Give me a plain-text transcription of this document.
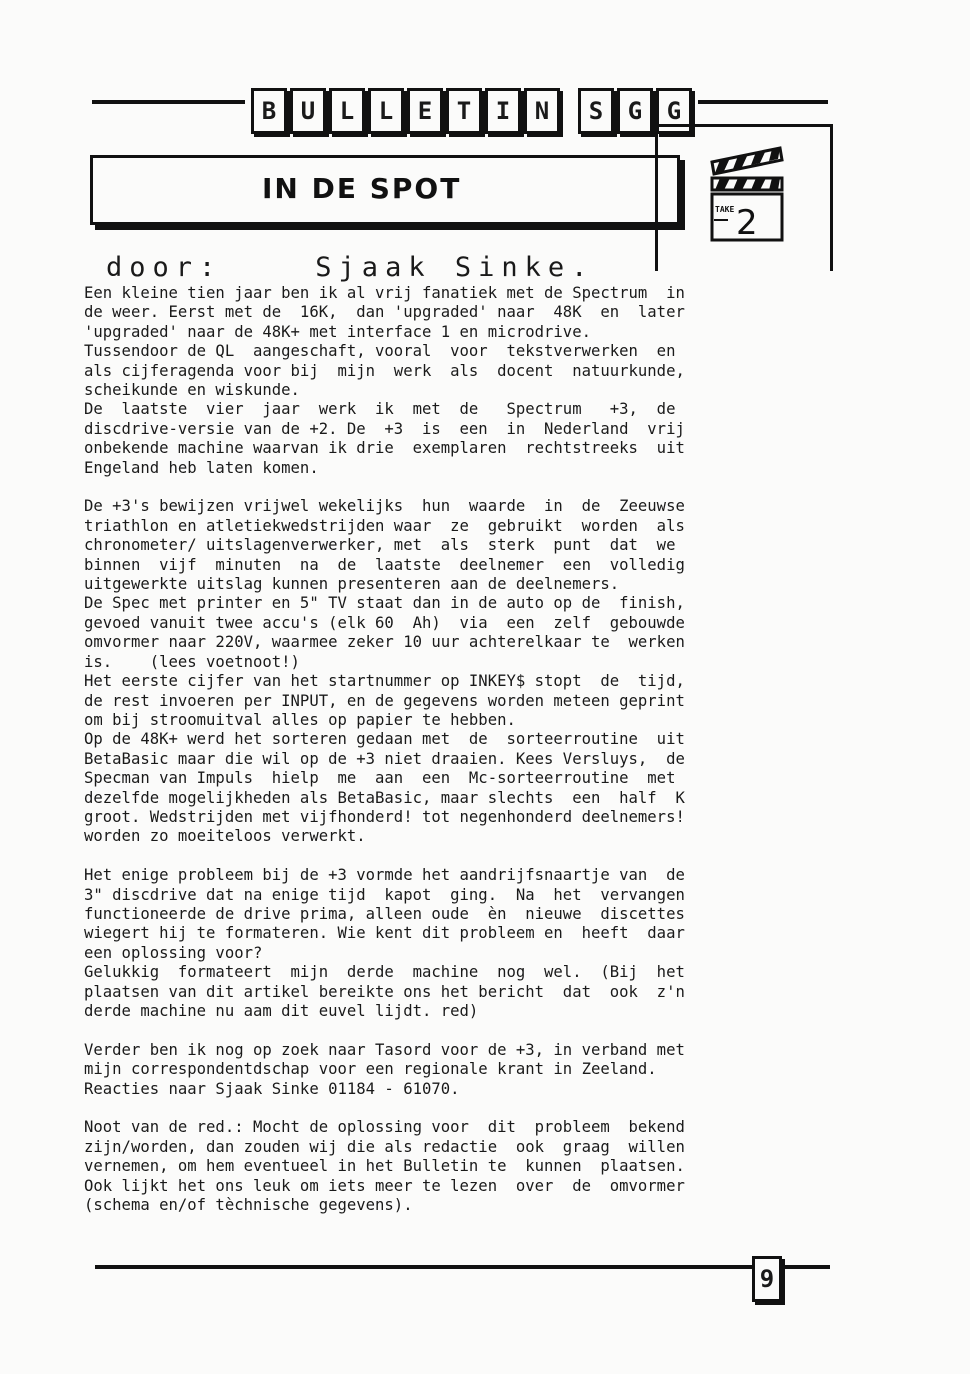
B	U	L	L	E	T	I	N	S	G	G
IN DE SPOT
TAKE 2
door:    Sjaak Sinke.

Een kleine tien jaar ben ik al vrij fanatiek met de Spectrum  in

de weer. Eerst met de  16K,  dan 'upgraded' naar  48K  en  later

'upgraded' naar de 48K+ met interface 1 en microdrive.

Tussendoor de QL  aangeschaft, vooral  voor  tekstverwerken  en

als cijferagenda voor bij  mijn  werk  als  docent  natuurkunde,

scheikunde en wiskunde.

De  laatste  vier  jaar  werk  ik  met  de   Spectrum   +3,  de

discdrive-versie van de +2. De  +3  is  een  in  Nederland  vrij

onbekende machine waarvan ik drie  exemplaren  rechtstreeks  uit

Engeland heb laten komen.

De +3's bewijzen vrijwel wekelijks  hun  waarde  in  de  Zeeuwse

triathlon en atletiekwedstrijden waar  ze  gebruikt  worden  als

chronometer/ uitslagenverwerker, met  als  sterk  punt  dat  we

binnen  vijf  minuten  na  de  laatste  deelnemer  een  volledig

uitgewerkte uitslag kunnen presenteren aan de deelnemers.

De Spec met printer en 5" TV staat dan in de auto op de  finish,

gevoed vanuit twee accu's (elk 60  Ah)  via  een  zelf  gebouwde

omvormer naar 220V, waarmee zeker 10 uur achterelkaar te  werken

is.    (lees voetnoot!)

Het eerste cijfer van het startnummer op INKEY$ stopt  de  tijd,

de rest invoeren per INPUT, en de gegevens worden meteen geprint

om bij stroomuitval alles op papier te hebben.

Op de 48K+ werd het sorteren gedaan met  de  sorteerroutine  uit

BetaBasic maar die wil op de +3 niet draaien. Kees Versluys,  de

Specman van Impuls  hielp  me  aan  een  Mc-sorteerroutine  met

dezelfde mogelijkheden als BetaBasic, maar slechts  een  half  K

groot. Wedstrijden met vijfhonderd! tot negenhonderd deelnemers!

worden zo moeiteloos verwerkt.

Het enige probleem bij de +3 vormde het aandrijfsnaartje van  de

3" discdrive dat na enige tijd  kapot  ging.  Na  het  vervangen

functioneerde de drive prima, alleen oude  èn  nieuwe  discettes

wiegert hij te formateren. Wie kent dit probleem en  heeft  daar

een oplossing voor?

Gelukkig  formateert  mijn  derde  machine  nog  wel.  (Bij  het

plaatsen van dit artikel bereikte ons het bericht  dat  ook  z'n

derde machine nu aam dit euvel lijdt. red)

Verder ben ik nog op zoek naar Tasord voor de +3, in verband met

mijn correspondentdschap voor een regionale krant in Zeeland.

Reacties naar Sjaak Sinke 01184 - 61070.

Noot van de red.: Mocht de oplossing voor  dit  probleem  bekend

zijn/worden, dan zouden wij die als redactie  ook  graag  willen

vernemen, om hem eventueel in het Bulletin te  kunnen  plaatsen.

Ook lijkt het ons leuk om iets meer te lezen  over  de  omvormer

(schema en/of tèchnische gegevens).

9
